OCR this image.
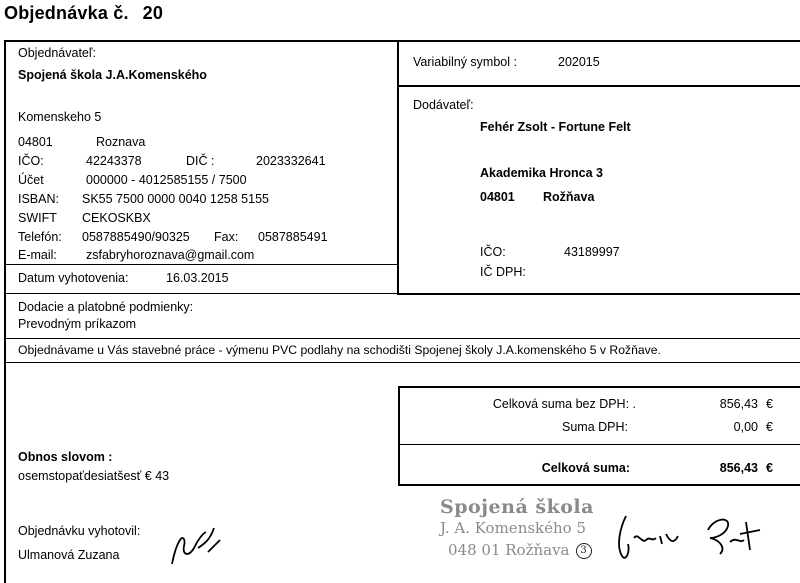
Objednávka č. 20
Objednávateľ:
Spojená škola J.A.Komenského
Komenskeho 5
04801	Roznava
IČO:	42243378	DIČ :	2023332641
Účet	000000 - 4012585155 / 7500
ISBAN: SK55 7500 0000 0040 1258 5155
SWIFT CEKOSKBX
Telefón: 0587885490/90325 Fax: 0587885491
E-mail: zsfabryhoroznava@gmail.com
Datum vyhotovenia:	16.03.2015
Variabilný symbol :	202015
Dodávateľ:
Fehér Zsolt - Fortune Felt
Akademika Hronca 3
04801 Rožňava
IČO:	43189997
IČ DPH:
Dodacie a platobné podmienky:
Prevodným príkazom
Objednávame u Vás stavebné práce - výmenu PVC podlahy na schodišti Spojenej školy J.A.komenského 5 v Rožňave.
Celková suma bez DPH: .	856,43 €
Suma DPH:	0,00 €
Celková suma:	856,43 €
Obnos slovom :
osemstopaťdesiatšesť € 43
Objednávku vyhotovil:
Ulmanová Zuzana
Spojená škola
J. A. Komenského 5
048 01 Rožňava 3
